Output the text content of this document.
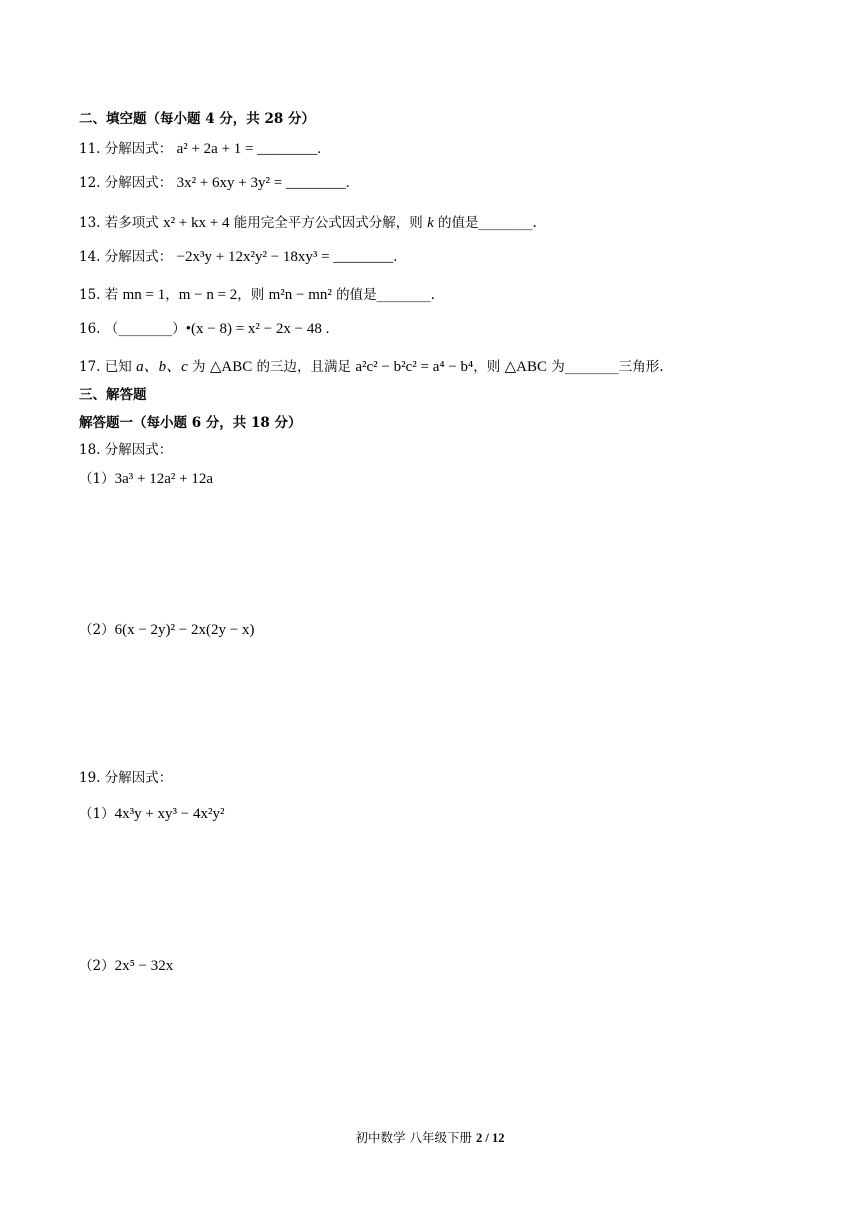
二、填空题（每小题 4 分，共 28 分）
11. 分解因式： a² + 2a + 1 = ________.
12. 分解因式： 3x² + 6xy + 3y² = ________.
13. 若多项式 x² + kx + 4 能用完全平方公式因式分解，则 k 的值是________.
14. 分解因式： −2x³y + 12x²y² − 18xy³ = ________.
15. 若 mn = 1，m − n = 2，则 m²n − mn² 的值是________.
16. （________）•(x − 8) = x² − 2x − 48 .
17. 已知 a、b、c 为 △ABC 的三边，且满足 a²c² − b²c² = a⁴ − b⁴，则 △ABC 为________三角形.
三、解答题
解答题一（每小题 6 分，共 18 分）
18. 分解因式：
（1）3a³ + 12a² + 12a
（2）6(x − 2y)² − 2x(2y − x)
19. 分解因式：
（1）4x³y + xy³ − 4x²y²
（2）2x⁵ − 32x
初中数学 八年级下册 2 / 12
